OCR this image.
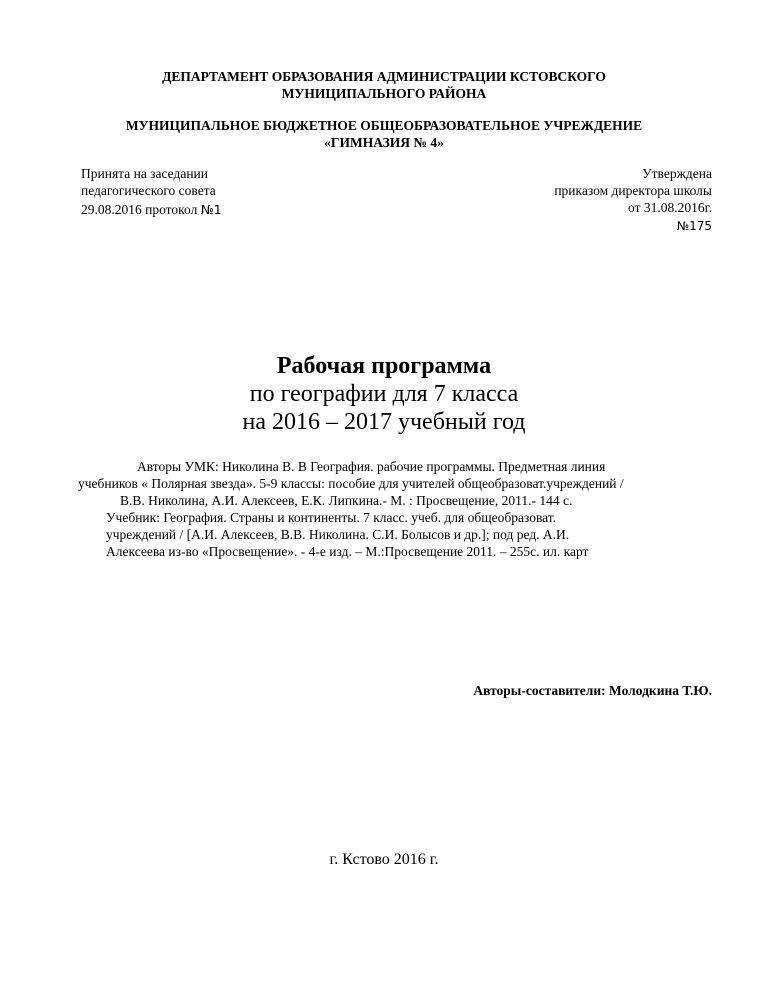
ДЕПАРТАМЕНТ ОБРАЗОВАНИЯ АДМИНИСТРАЦИИ КСТОВСКОГО
МУНИЦИПАЛЬНОГО РАЙОНА
МУНИЦИПАЛЬНОЕ БЮДЖЕТНОЕ ОБЩЕОБРАЗОВАТЕЛЬНОЕ УЧРЕЖДЕНИЕ
«ГИМНАЗИЯ № 4»
Принята на заседании
педагогического совета
29.08.2016 протокол №1
Утверждена
приказом директора школы
от 31.08.2016г.
№175
Рабочая программа
по географии для 7 класса
на 2016 – 2017 учебный год
Авторы УМК: Николина В. В География. рабочие программы. Предметная линия
учебников « Полярная звезда». 5-9 классы: пособие для учителей общеобразоват.учреждений /
В.В. Николина, А.И. Алексеев, Е.К. Липкина.- М. : Просвещение, 2011.- 144 с.
Учебник: География. Страны и континенты. 7 класс. учеб. для общеобразоват.
учреждений / [А.И. Алексеев, В.В. Николина. С.И. Болысов и др.]; под ред. А.И.
Алексеева из-во «Просвещение». - 4-е изд. – М.:Просвещение 2011. – 255с. ил. карт
Авторы-составители: Молодкина Т.Ю.
г. Кстово 2016 г.
